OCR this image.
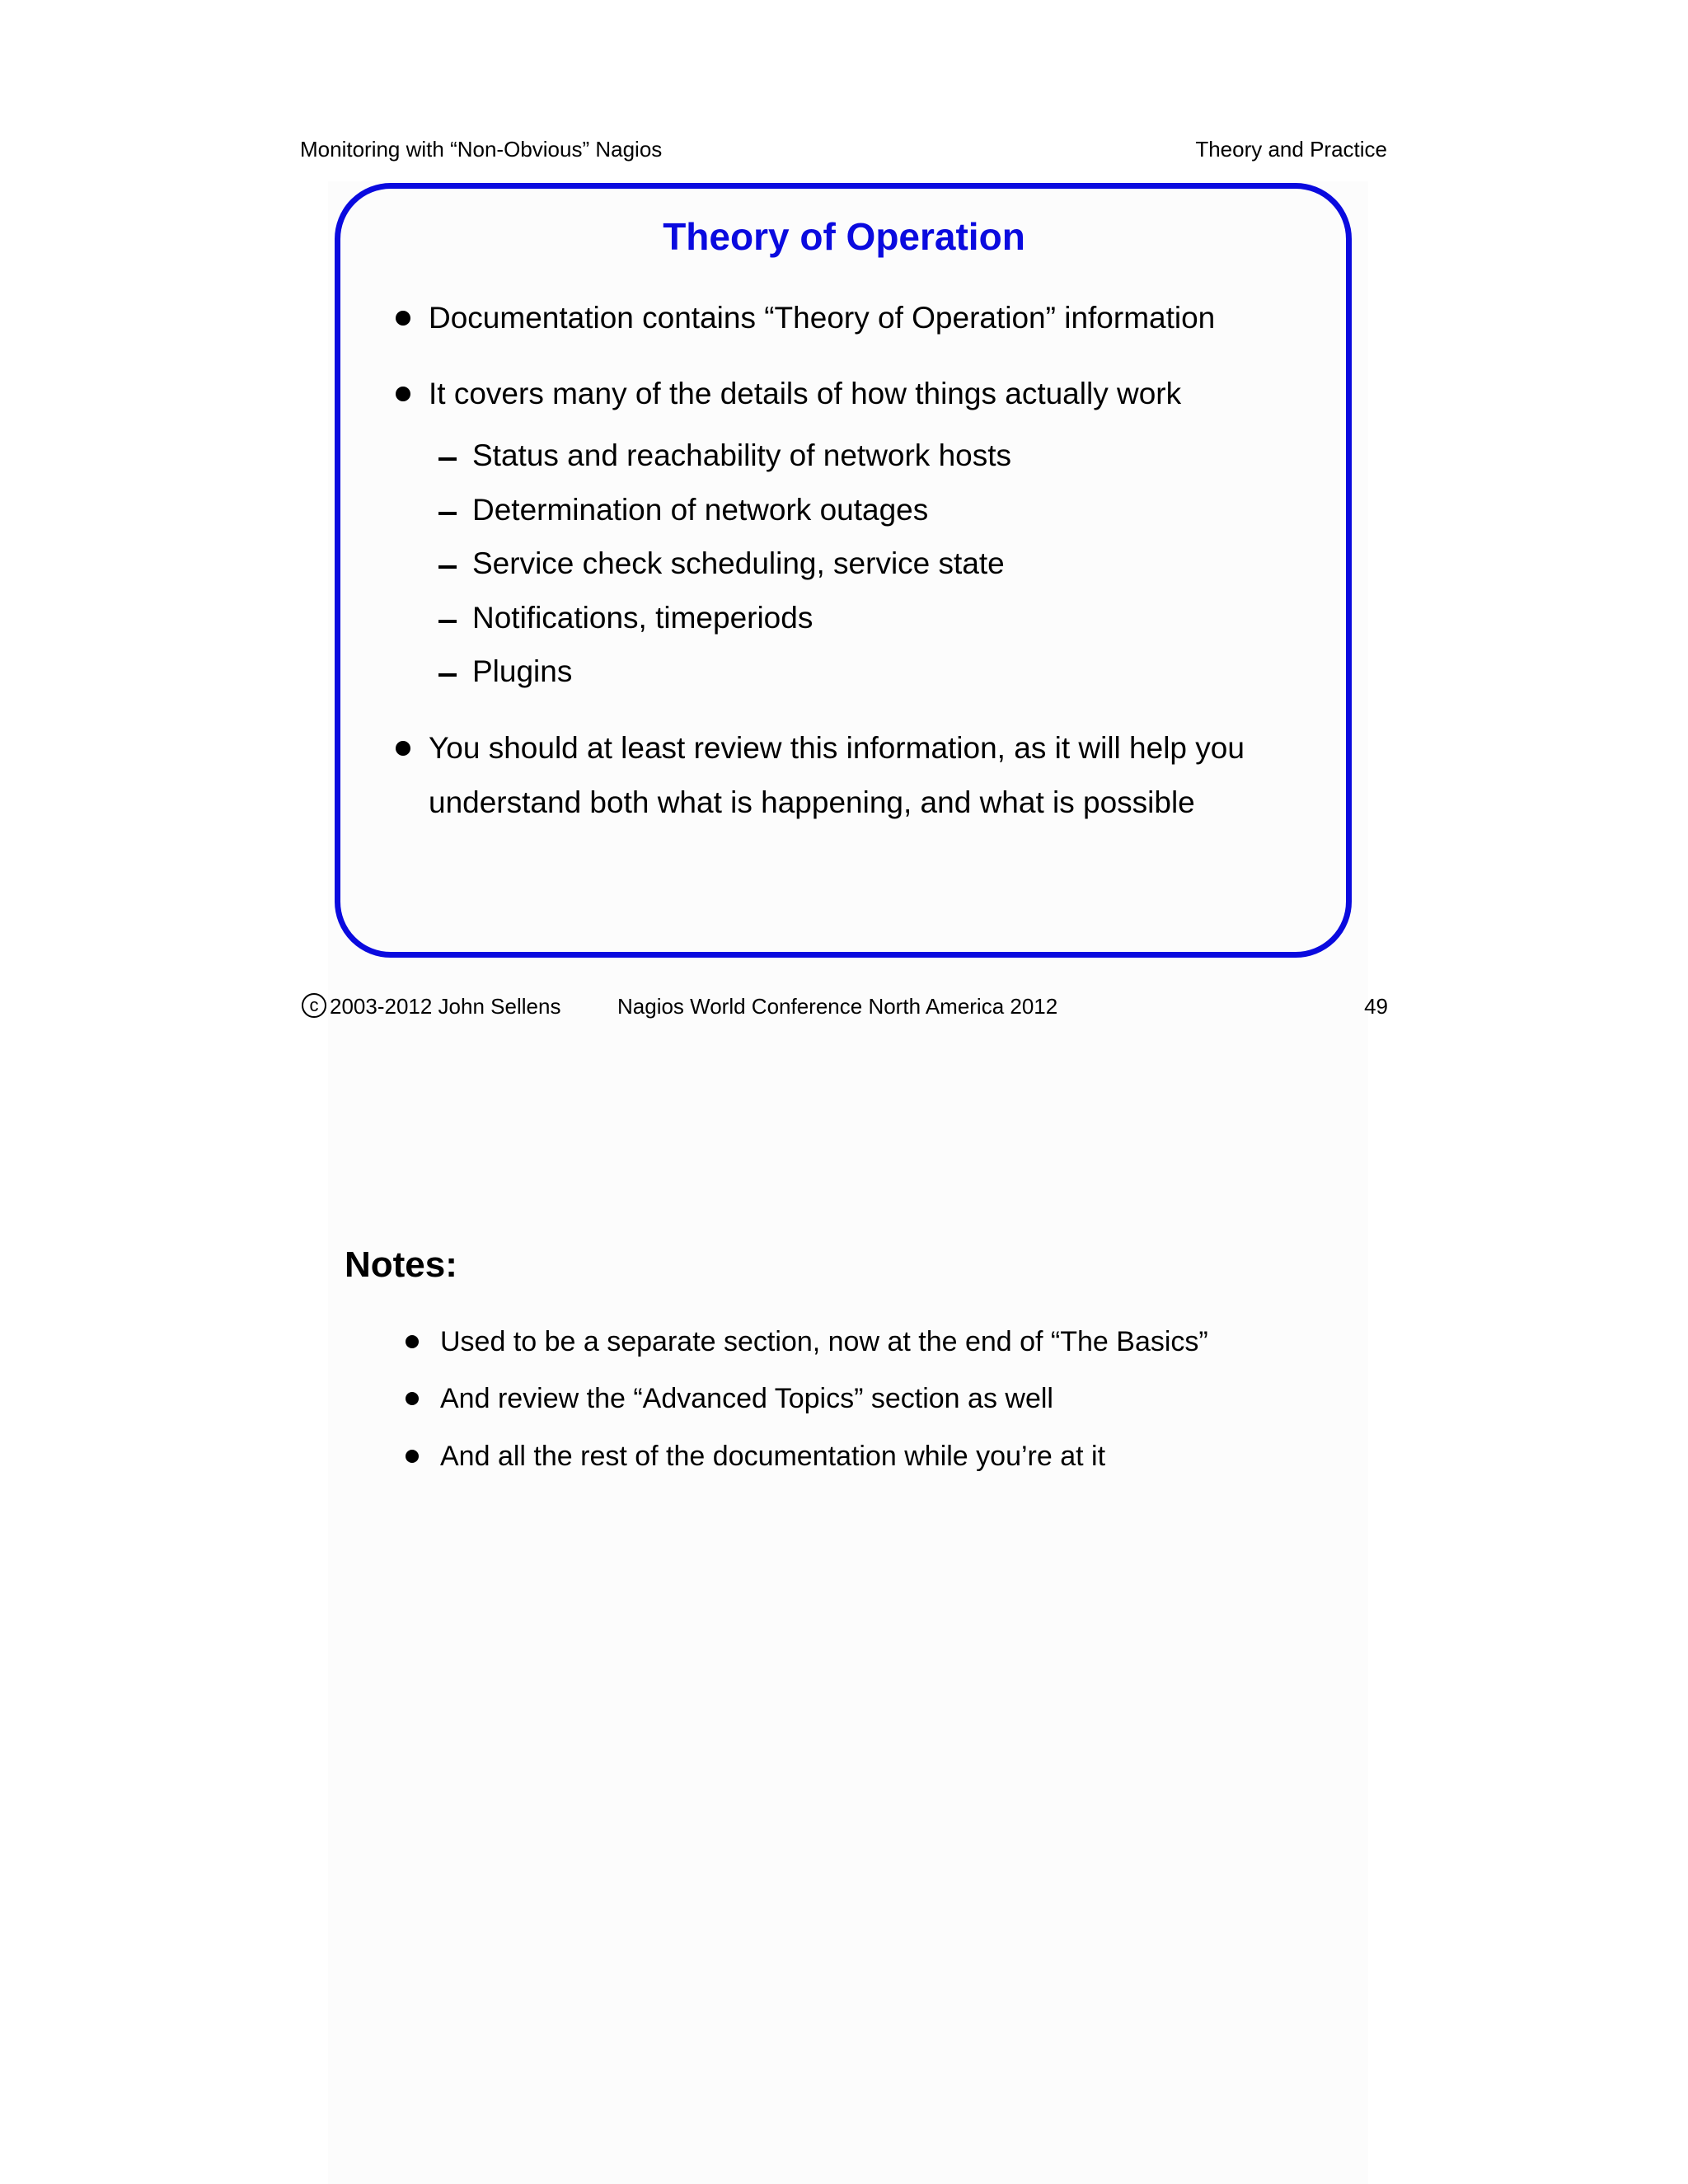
Monitoring with “Non-Obvious” Nagios	Theory and Practice
Theory of Operation
Documentation contains “Theory of Operation” information
It covers many of the details of how things actually work
Status and reachability of network hosts
Determination of network outages
Service check scheduling, service state
Notifications, timeperiods
Plugins
You should at least review this information, as it will help you
understand both what is happening, and what is possible
c 2003-2012 John Sellens	Nagios World Conference North America 2012	49
Notes:
Used to be a separate section, now at the end of “The Basics”
And review the “Advanced Topics” section as well
And all the rest of the documentation while you’re at it
